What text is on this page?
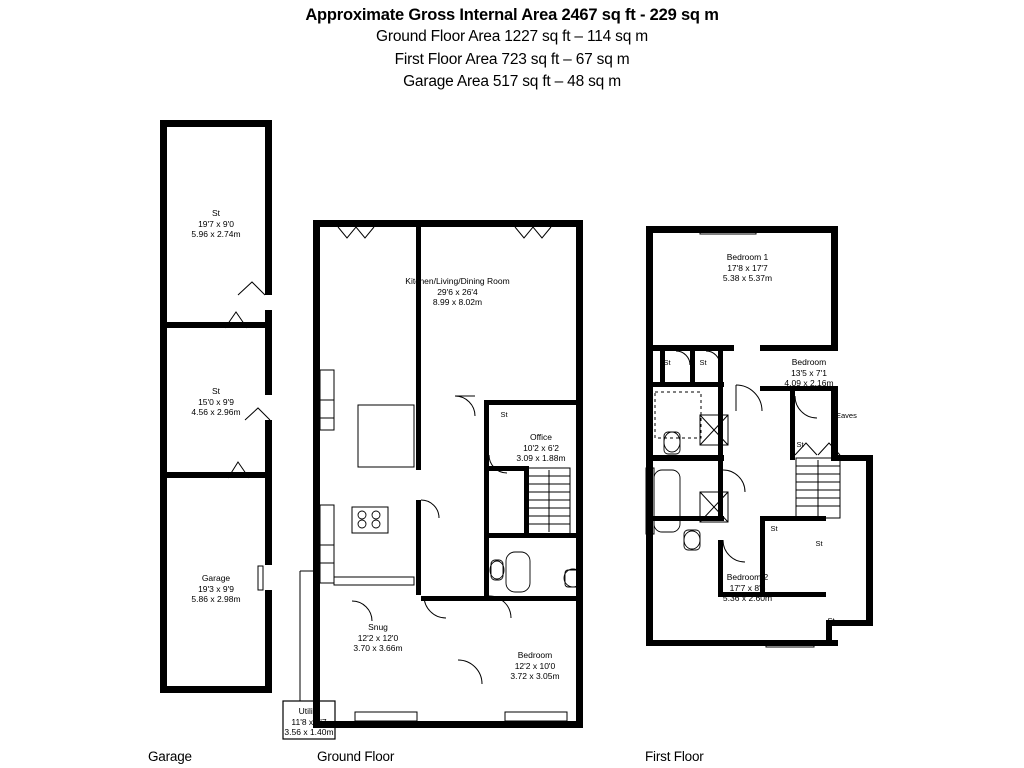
Approximate Gross Internal Area 2467 sq ft - 229 sq m
Ground Floor Area 1227 sq ft – 114 sq m
First Floor Area 723 sq ft – 67 sq m
Garage Area 517 sq ft – 48 sq m
St
19'7 x 9'0
5.96 x 2.74m
St
15'0 x 9'9
4.56 x 2.96m
Garage
19'3 x 9'9
5.86 x 2.98m
Kitchen/Living/Dining Room
29'6 x 26'4
8.99 x 8.02m
Office
10'2 x 6'2
3.09 x 1.88m
Snug
12'2 x 12'0
3.70 x 3.66m
Bedroom
12'2 x 10'0
3.72 x 3.05m
Utility
11'8 x 4'7
3.56 x 1.40m
St
Bedroom 1
17'8 x 17'7
5.38 x 5.37m
Bedroom
13'5 x 7'1
4.09 x 2.16m
Bedroom 2
17'7 x 8'6
5.36 x 2.60m
St	St
St
St
St
St
Eaves
Garage	Ground Floor	First Floor
